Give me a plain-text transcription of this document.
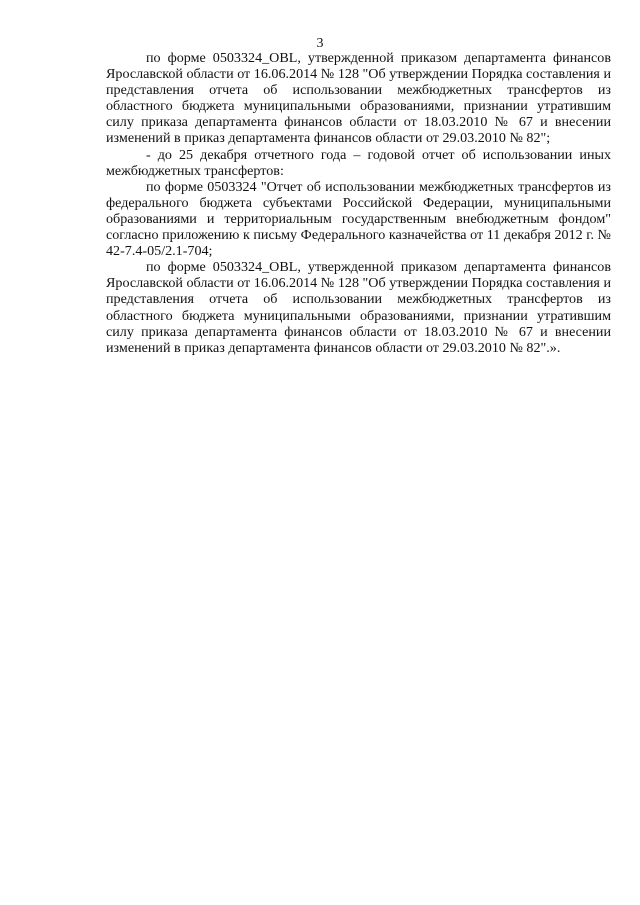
3

по форме 0503324_OBL, утвержденной приказом департамента финансов Ярославской области от 16.06.2014 № 128 "Об утверждении Порядка составления и представления отчета об использовании межбюджетных трансфертов из областного бюджета муниципальными образованиями, признании утратившим силу приказа департамента финансов области от 18.03.2010 № 67 и внесении изменений в приказ департамента финансов области от 29.03.2010 № 82";

- до 25 декабря отчетного года – годовой отчет об использовании иных межбюджетных трансфертов:

по форме 0503324 "Отчет об использовании межбюджетных трансфертов из федерального бюджета субъектами Российской Федерации, муниципальными образованиями и территориальным государственным внебюджетным фондом" согласно приложению к письму Федерального казначейства от 11 декабря 2012 г. № 42-7.4-05/2.1-704;

по форме 0503324_OBL, утвержденной приказом департамента финансов Ярославской области от 16.06.2014 № 128 "Об утверждении Порядка составления и представления отчета об использовании межбюджетных трансфертов из областного бюджета муниципальными образованиями, признании утратившим силу приказа департамента финансов области от 18.03.2010 № 67 и внесении изменений в приказ департамента финансов области от 29.03.2010 № 82".».
